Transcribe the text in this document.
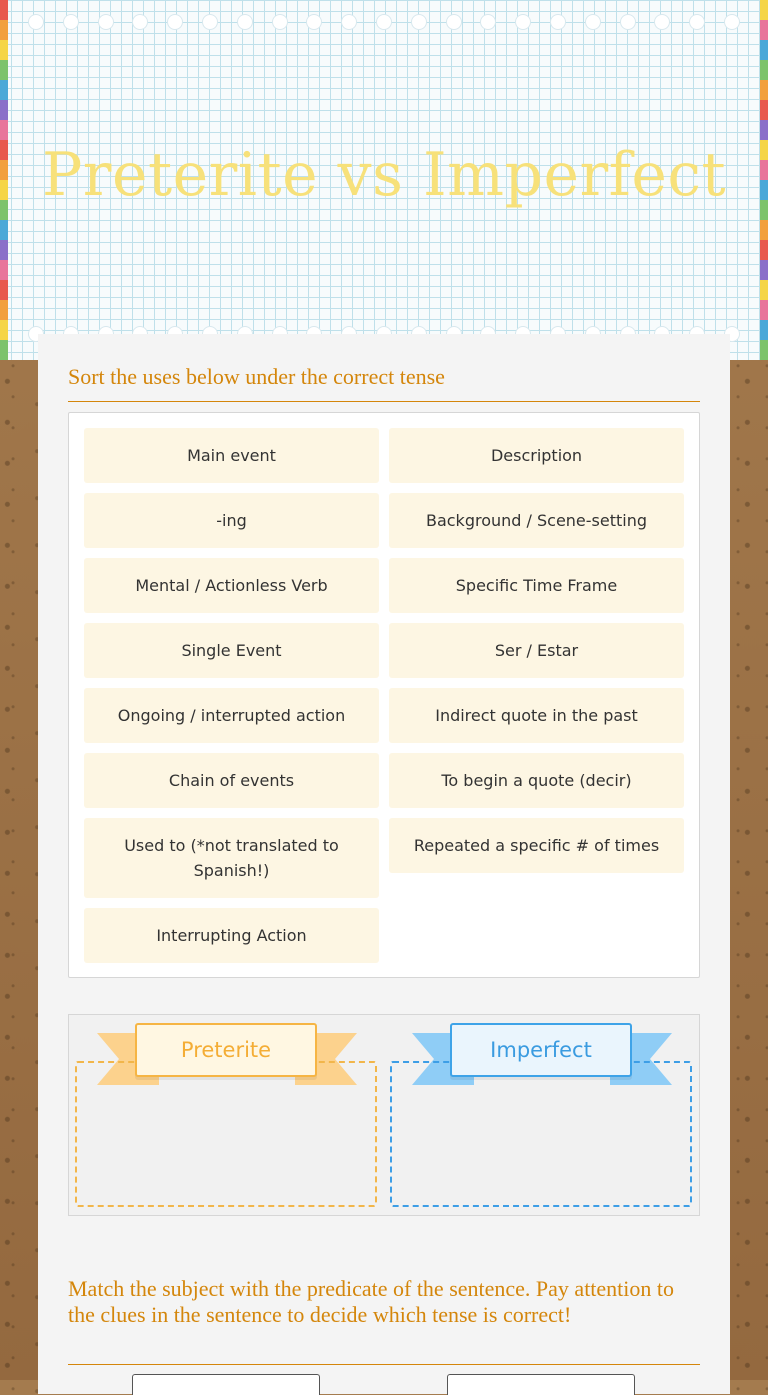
Preterite vs Imperfect
Sort the uses below under the correct tense
Main event
-ing
Mental / Actionless Verb
Single Event
Ongoing / interrupted action
Chain of events
Used to (*not translated to Spanish!)
Interrupting Action
Description
Background / Scene-setting
Specific Time Frame
Ser / Estar
Indirect quote in the past
To begin a quote (decir)
Repeated a specific # of times
Preterite	Imperfect
Match the subject with the predicate of the sentence. Pay attention to the clues in the sentence to decide which tense is correct!
